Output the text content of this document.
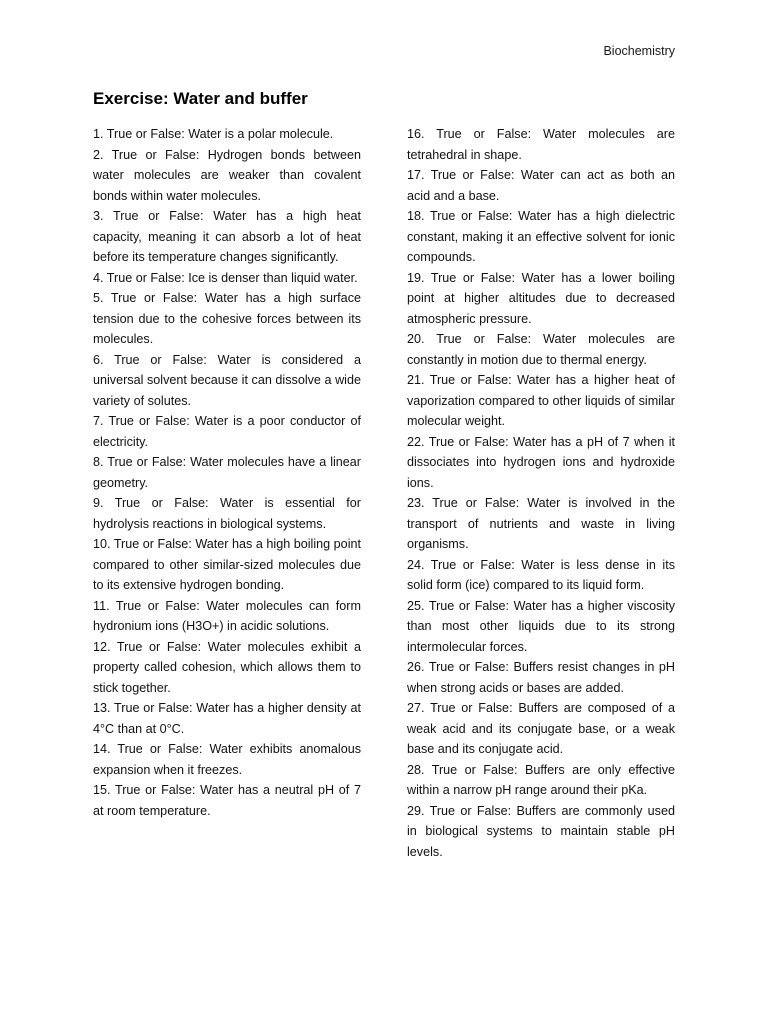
Biochemistry
Exercise: Water and buffer

1. True or False: Water is a polar molecule.

2. True or False: Hydrogen bonds between water molecules are weaker than covalent bonds within water molecules.

3. True or False: Water has a high heat capacity, meaning it can absorb a lot of heat before its temperature changes significantly.

4. True or False: Ice is denser than liquid water.

5. True or False: Water has a high surface tension due to the cohesive forces between its molecules.

6. True or False: Water is considered a universal solvent because it can dissolve a wide variety of solutes.

7. True or False: Water is a poor conductor of electricity.

8. True or False: Water molecules have a linear geometry.

9. True or False: Water is essential for hydrolysis reactions in biological systems.

10. True or False: Water has a high boiling point compared to other similar-sized molecules due to its extensive hydrogen bonding.

11. True or False: Water molecules can form hydronium ions (H3O+) in acidic solutions.

12. True or False: Water molecules exhibit a property called cohesion, which allows them to stick together.

13. True or False: Water has a higher density at 4°C than at 0°C.

14. True or False: Water exhibits anomalous expansion when it freezes.

15. True or False: Water has a neutral pH of 7 at room temperature.

16. True or False: Water molecules are tetrahedral in shape.

17. True or False: Water can act as both an acid and a base.

18. True or False: Water has a high dielectric constant, making it an effective solvent for ionic compounds.

19. True or False: Water has a lower boiling point at higher altitudes due to decreased atmospheric pressure.

20. True or False: Water molecules are constantly in motion due to thermal energy.

21. True or False: Water has a higher heat of vaporization compared to other liquids of similar molecular weight.

22. True or False: Water has a pH of 7 when it dissociates into hydrogen ions and hydroxide ions.

23. True or False: Water is involved in the transport of nutrients and waste in living organisms.

24. True or False: Water is less dense in its solid form (ice) compared to its liquid form.

25. True or False: Water has a higher viscosity than most other liquids due to its strong intermolecular forces.

26. True or False: Buffers resist changes in pH when strong acids or bases are added.

27. True or False: Buffers are composed of a weak acid and its conjugate base, or a weak base and its conjugate acid.

28. True or False: Buffers are only effective within a narrow pH range around their pKa.

29. True or False: Buffers are commonly used in biological systems to maintain stable pH levels.
